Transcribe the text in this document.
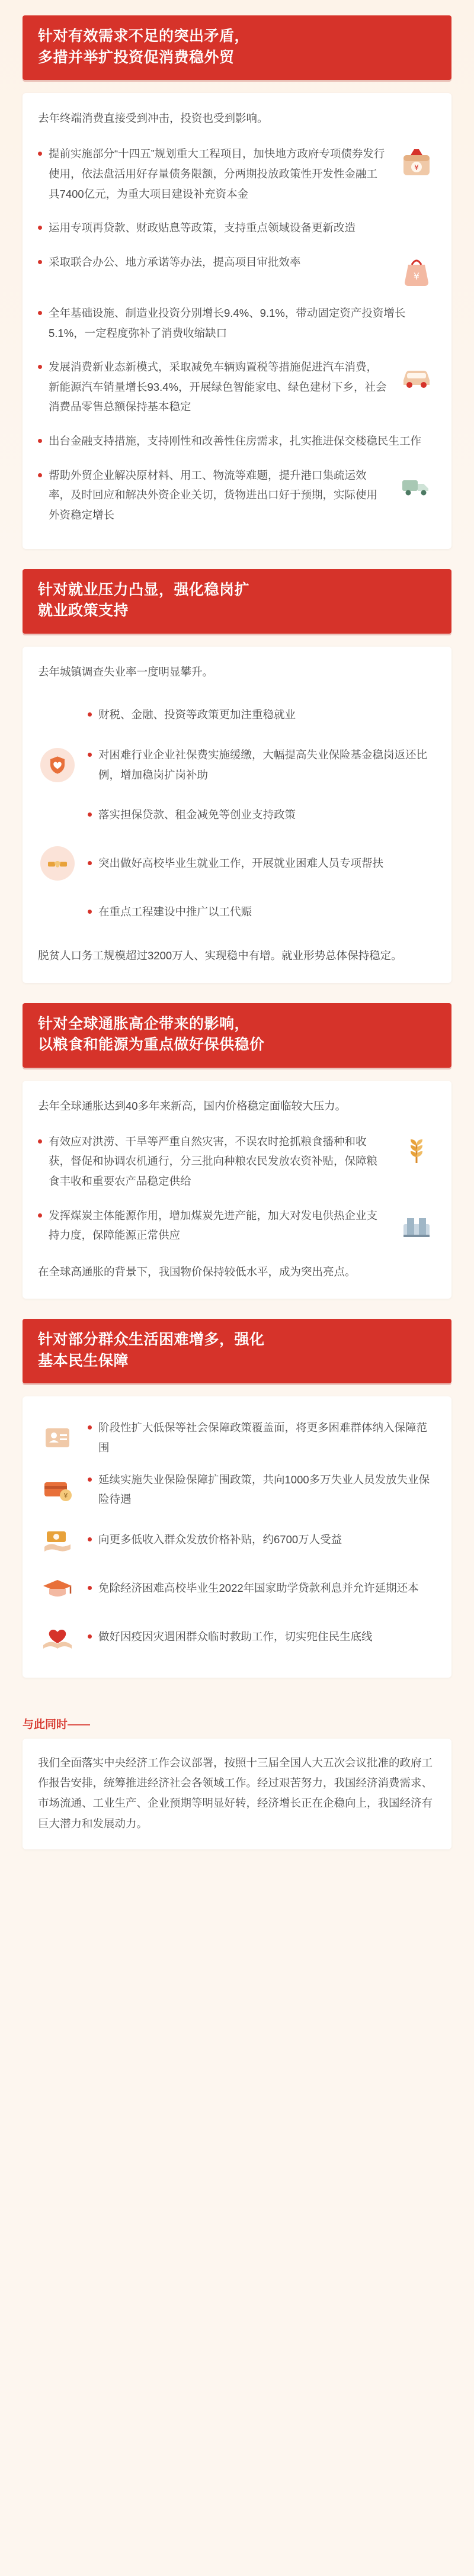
针对有效需求不足的突出矛盾，
多措并举扩投资促消费稳外贸

去年终端消费直接受到冲击，投资也受到影响。

提前实施部分“十四五”规划重大工程项目，加快地方政府专项债券发行使用，依法盘活用好存量债务限额，分两期投放政策性开发性金融工具7400亿元，为重大项目建设补充资本金
¥
运用专项再贷款、财政贴息等政策，支持重点领域设备更新改造
采取联合办公、地方承诺等办法，提高项目审批效率
¥
全年基础设施、制造业投资分别增长9.4%、9.1%，带动固定资产投资增长5.1%，一定程度弥补了消费收缩缺口
发展消费新业态新模式，采取减免车辆购置税等措施促进汽车消费，新能源汽车销量增长93.4%，开展绿色智能家电、绿色建材下乡，社会消费品零售总额保持基本稳定
出台金融支持措施，支持刚性和改善性住房需求，扎实推进保交楼稳民生工作
帮助外贸企业解决原材料、用工、物流等难题，提升港口集疏运效率，及时回应和解决外资企业关切，货物进出口好于预期，实际使用外资稳定增长
针对就业压力凸显，强化稳岗扩
就业政策支持

去年城镇调查失业率一度明显攀升。

财税、金融、投资等政策更加注重稳就业
对困难行业企业社保费实施缓缴，大幅提高失业保险基金稳岗返还比例，增加稳岗扩岗补助
落实担保贷款、租金减免等创业支持政策
突出做好高校毕业生就业工作，开展就业困难人员专项帮扶
在重点工程建设中推广以工代赈

脱贫人口务工规模超过3200万人、实现稳中有增。就业形势总体保持稳定。

针对全球通胀高企带来的影响，
以粮食和能源为重点做好保供稳价

去年全球通胀达到40多年来新高，国内价格稳定面临较大压力。

有效应对洪涝、干旱等严重自然灾害，不误农时抢抓粮食播种和收获，督促和协调农机通行，分三批向种粮农民发放农资补贴，保障粮食丰收和重要农产品稳定供给
发挥煤炭主体能源作用，增加煤炭先进产能，加大对发电供热企业支持力度，保障能源正常供应

在全球高通胀的背景下，我国物价保持较低水平，成为突出亮点。

针对部分群众生活困难增多，强化
基本民生保障
阶段性扩大低保等社会保障政策覆盖面，将更多困难群体纳入保障范围
¥
延续实施失业保险保障扩围政策，共向1000多万失业人员发放失业保险待遇
向更多低收入群众发放价格补贴，约6700万人受益
免除经济困难高校毕业生2022年国家助学贷款利息并允许延期还本
做好因疫因灾遇困群众临时救助工作，切实兜住民生底线
与此同时——

我们全面落实中央经济工作会议部署，按照十三届全国人大五次会议批准的政府工作报告安排，统筹推进经济社会各领域工作。经过艰苦努力，我国经济消费需求、市场流通、工业生产、企业预期等明显好转，经济增长正在企稳向上，我国经济有巨大潜力和发展动力。
